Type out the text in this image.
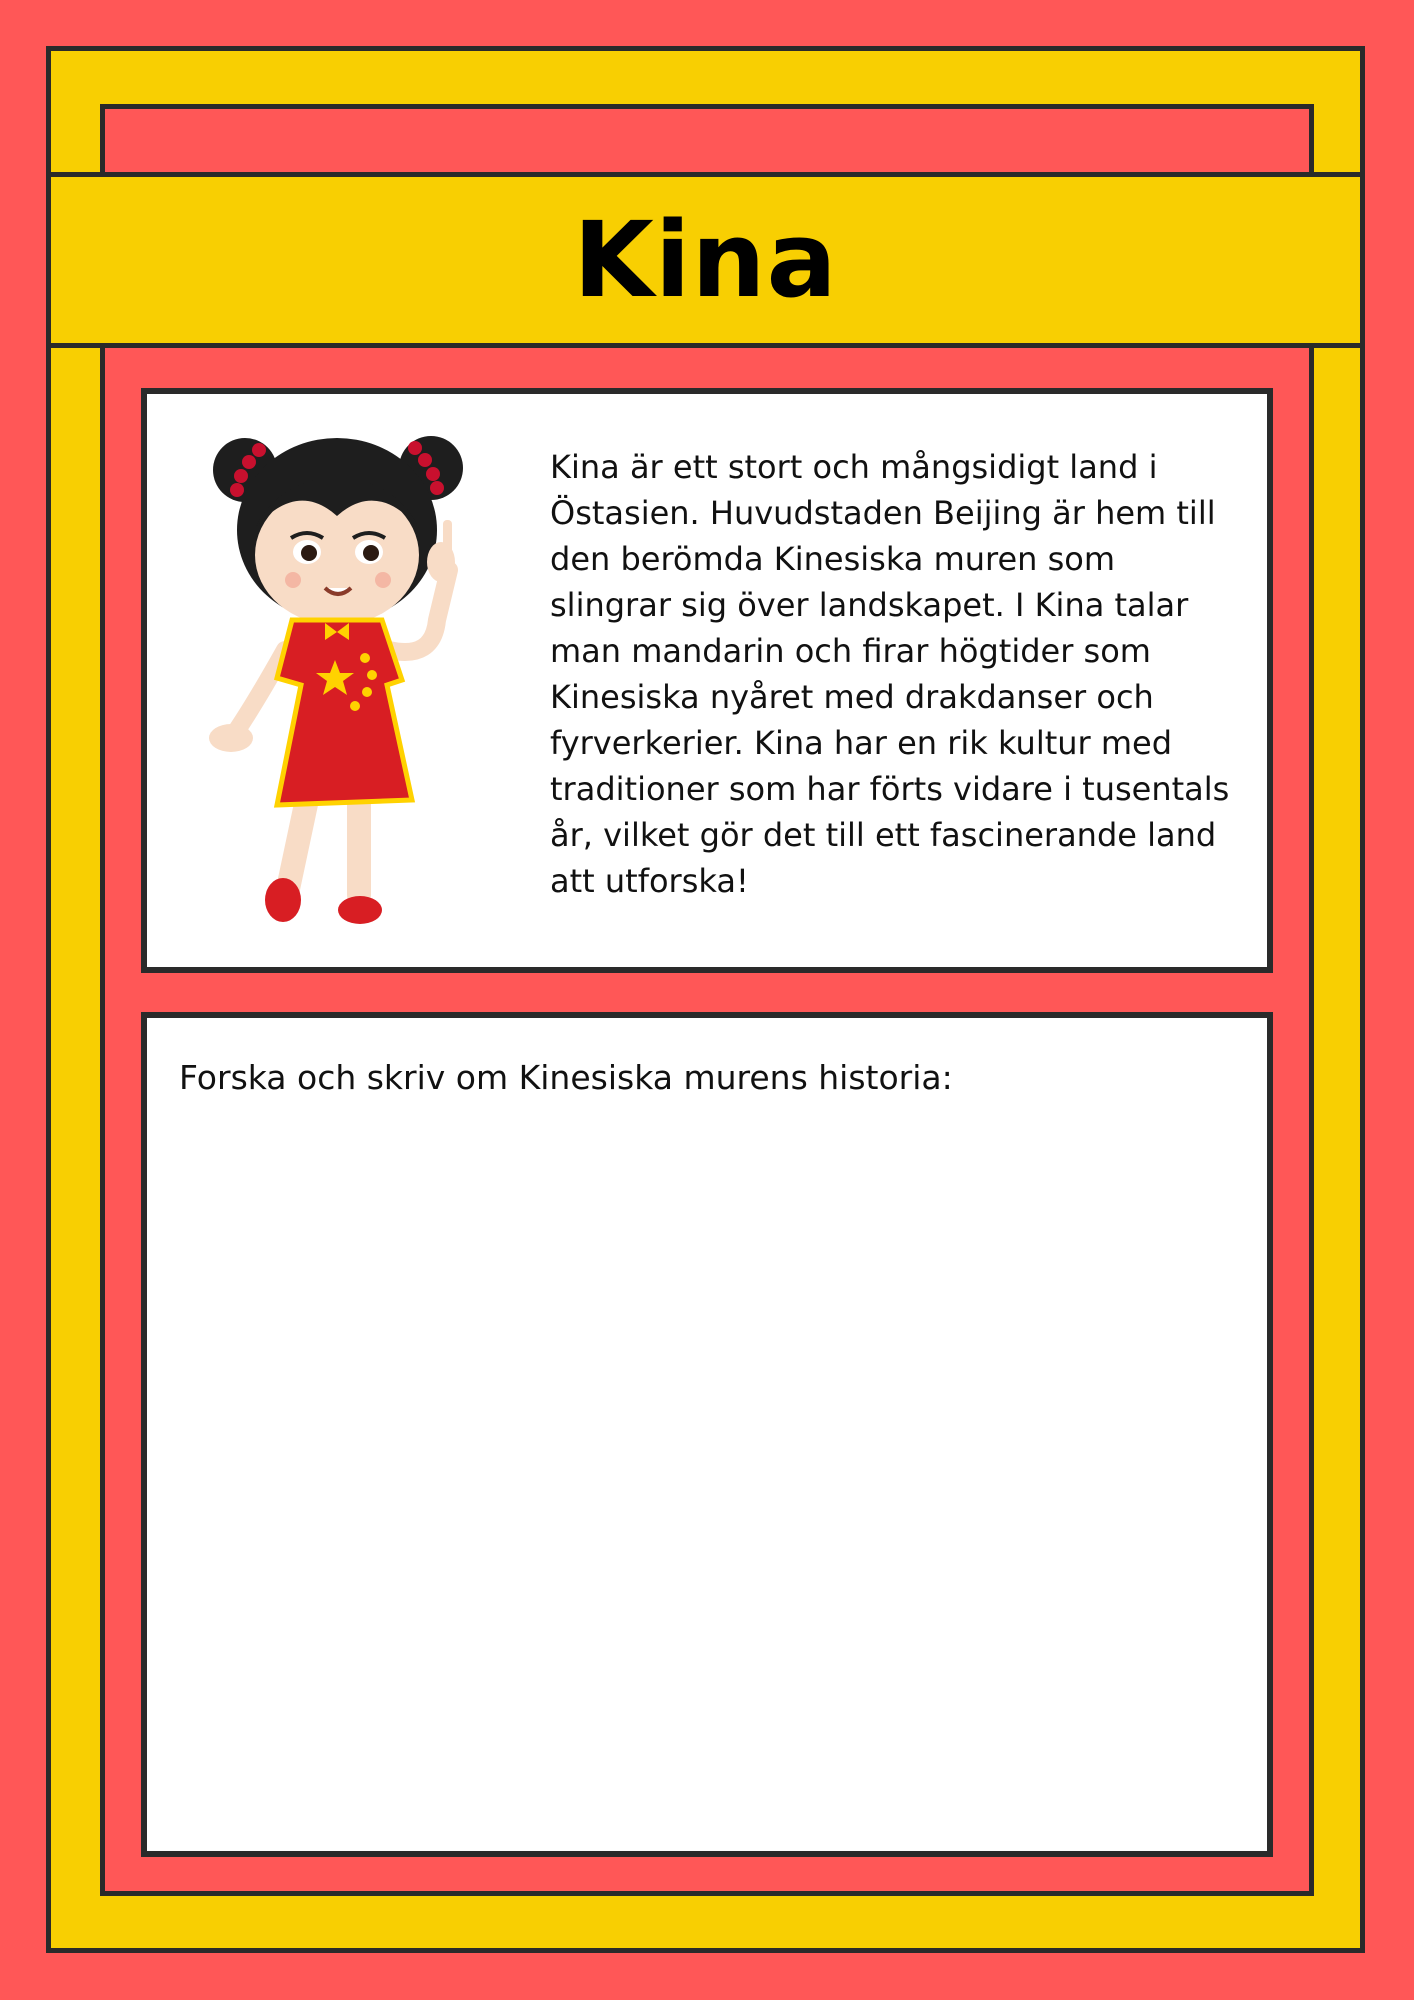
Kina

Kina är ett stort och mångsidigt land i Östasien. Huvudstaden Beijing är hem till den berömda Kinesiska muren som slingrar sig över landskapet. I Kina talar man mandarin och firar högtider som Kinesiska nyåret med drakdanser och fyrverkerier. Kina har en rik kultur med traditioner som har förts vidare i tusentals år, vilket gör det till ett fascinerande land att utforska!

Forska och skriv om Kinesiska murens historia:
